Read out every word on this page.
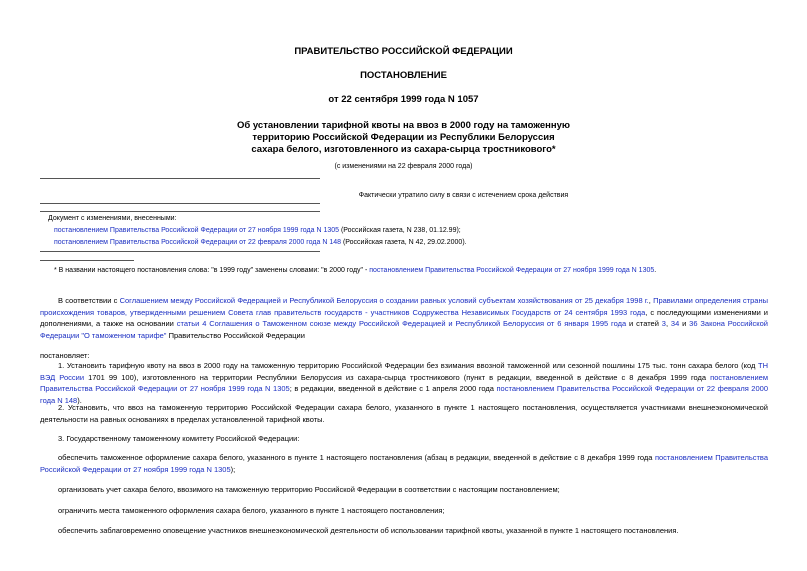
ПРАВИТЕЛЬСТВО РОССИЙСКОЙ ФЕДЕРАЦИИ
ПОСТАНОВЛЕНИЕ
от 22 сентября 1999 года N 1057
Об установлении тарифной квоты на ввоз в 2000 году на таможенную
территорию Российской Федерации из Республики Белоруссия
сахара белого, изготовленного из сахара-сырца тростникового*
(с изменениями на 22 февраля 2000 года)
Фактически утратило силу в связи с истечением срока действия
Документ с изменениями, внесенными:
постановлением Правительства Российской Федерации от 27 ноября 1999 года N 1305 (Российская газета, N 238, 01.12.99);
постановлением Правительства Российской Федерации от 22 февраля 2000 года N 148 (Российская газета, N 42, 29.02.2000).
* В названии настоящего постановления слова: "в 1999 году" заменены словами: "в 2000 году" - постановлением Правительства Российской Федерации от 27 ноября 1999 года N 1305.
В соответствии с Соглашением между Российской Федерацией и Республикой Белоруссия о создании равных условий субъектам хозяйствования от 25 декабря 1998 г., Правилами определения страны происхождения товаров, утвержденными решением Совета глав правительств государств - участников Содружества Независимых Государств от 24 сентября 1993 года, с последующими изменениями и дополнениями, а также на основании статьи 4 Соглашения о Таможенном союзе между Российской Федерацией и Республикой Белоруссия от 6 января 1995 года и статей 3, 34 и 36 Закона Российской Федерации "О таможенном тарифе" Правительство Российской Федерации
постановляет:
1. Установить тарифную квоту на ввоз в 2000 году на таможенную территорию Российской Федерации без взимания ввозной таможенной или сезонной пошлины 175 тыс. тонн сахара белого (код ТН ВЭД России 1701 99 100), изготовленного на территории Республики Белоруссия из сахара-сырца тростникового (пункт в редакции, введенной в действие с 8 декабря 1999 года постановлением Правительства Российской Федерации от 27 ноября 1999 года N 1305; в редакции, введенной в действие с 1 апреля 2000 года постановлением Правительства Российской Федерации от 22 февраля 2000 года N 148).
2. Установить, что ввоз на таможенную территорию Российской Федерации сахара белого, указанного в пункте 1 настоящего постановления, осуществляется участниками внешнеэкономической деятельности на равных основаниях в пределах установленной тарифной квоты.
3. Государственному таможенному комитету Российской Федерации:
обеспечить таможенное оформление сахара белого, указанного в пункте 1 настоящего постановления (абзац в редакции, введенной в действие с 8 декабря 1999 года постановлением Правительства Российской Федерации от 27 ноября 1999 года N 1305);
организовать учет сахара белого, ввозимого на таможенную территорию Российской Федерации в соответствии с настоящим постановлением;
ограничить места таможенного оформления сахара белого, указанного в пункте 1 настоящего постановления;
обеспечить заблаговременно оповещение участников внешнеэкономической деятельности об использовании тарифной квоты, указанной в пункте 1 настоящего постановления.
